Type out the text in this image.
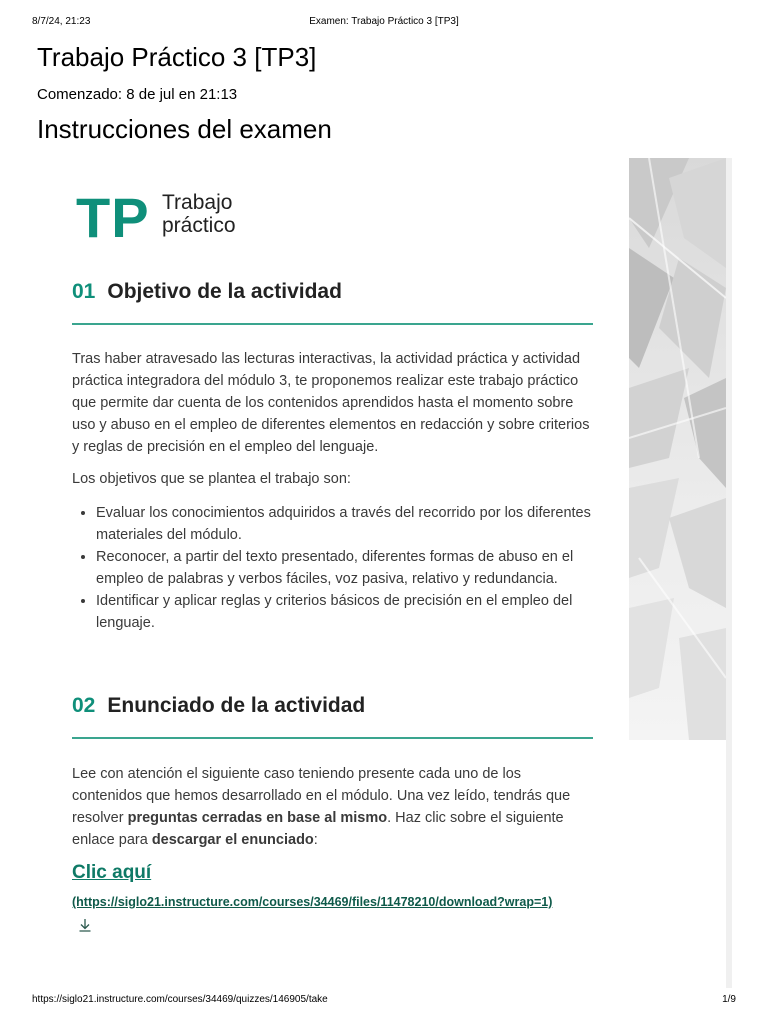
8/7/24, 21:23	Examen: Trabajo Práctico 3 [TP3]
Trabajo Práctico 3 [TP3]
Comenzado: 8 de jul en 21:13
Instrucciones del examen
TP Trabajo
práctico
01 Objetivo de la actividad

Tras haber atravesado las lecturas interactivas, la actividad práctica y actividad práctica integradora del módulo 3, te proponemos realizar este trabajo práctico que permite dar cuenta de los contenidos aprendidos hasta el momento sobre uso y abuso en el empleo de diferentes elementos en redacción y sobre criterios y reglas de precisión en el empleo del lenguaje.

Los objetivos que se plantea el trabajo son:

• Evaluar los conocimientos adquiridos a través del recorrido por los diferentes materiales del módulo.
• Reconocer, a partir del texto presentado, diferentes formas de abuso en el empleo de palabras y verbos fáciles, voz pasiva, relativo y redundancia.
• Identificar y aplicar reglas y criterios básicos de precisión en el empleo del lenguaje.
02 Enunciado de la actividad

Lee con atención el siguiente caso teniendo presente cada uno de los contenidos que hemos desarrollado en el módulo. Una vez leído, tendrás que resolver preguntas cerradas en base al mismo. Haz clic sobre el siguiente enlace para descargar el enunciado:

Clic aquí
(https://siglo21.instructure.com/courses/34469/files/11478210/download?wrap=1)
https://siglo21.instructure.com/courses/34469/quizzes/146905/take	1/9
